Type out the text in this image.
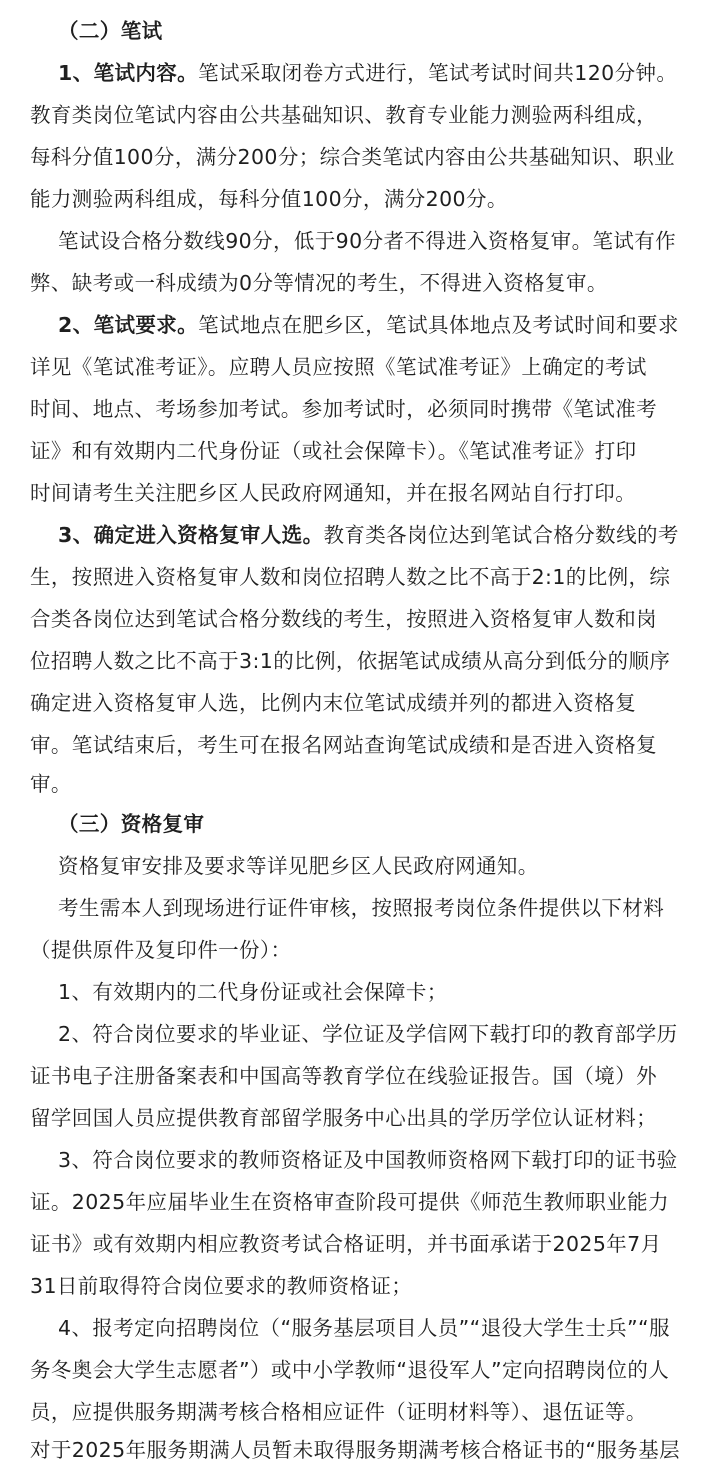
（二）笔试
1、笔试内容。笔试采取闭卷方式进行，笔试考试时间共120分钟。
教育类岗位笔试内容由公共基础知识、教育专业能力测验两科组成，
每科分值100分，满分200分；综合类笔试内容由公共基础知识、职业
能力测验两科组成，每科分值100分，满分200分。
笔试设合格分数线90分，低于90分者不得进入资格复审。笔试有作
弊、缺考或一科成绩为0分等情况的考生，不得进入资格复审。
2、笔试要求。笔试地点在肥乡区，笔试具体地点及考试时间和要求
详见《笔试准考证》。应聘人员应按照《笔试准考证》上确定的考试
时间、地点、考场参加考试。参加考试时，必须同时携带《笔试准考
证》和有效期内二代身份证（或社会保障卡）。《笔试准考证》打印
时间请考生关注肥乡区人民政府网通知，并在报名网站自行打印。
3、确定进入资格复审人选。教育类各岗位达到笔试合格分数线的考
生，按照进入资格复审人数和岗位招聘人数之比不高于2:1的比例，综
合类各岗位达到笔试合格分数线的考生，按照进入资格复审人数和岗
位招聘人数之比不高于3:1的比例，依据笔试成绩从高分到低分的顺序
确定进入资格复审人选，比例内末位笔试成绩并列的都进入资格复
审。笔试结束后，考生可在报名网站查询笔试成绩和是否进入资格复
审。
（三）资格复审
资格复审安排及要求等详见肥乡区人民政府网通知。
考生需本人到现场进行证件审核，按照报考岗位条件提供以下材料
（提供原件及复印件一份）：
1、有效期内的二代身份证或社会保障卡；
2、符合岗位要求的毕业证、学位证及学信网下载打印的教育部学历
证书电子注册备案表和中国高等教育学位在线验证报告。国（境）外
留学回国人员应提供教育部留学服务中心出具的学历学位认证材料；
3、符合岗位要求的教师资格证及中国教师资格网下载打印的证书验
证。2025年应届毕业生在资格审查阶段可提供《师范生教师职业能力
证书》或有效期内相应教资考试合格证明，并书面承诺于2025年7月
31日前取得符合岗位要求的教师资格证；
4、报考定向招聘岗位（“服务基层项目人员”“退役大学生士兵”“服
务冬奥会大学生志愿者”）或中小学教师“退役军人”定向招聘岗位的人
员，应提供服务期满考核合格相应证件（证明材料等）、退伍证等。
对于2025年服务期满人员暂未取得服务期满考核合格证书的“服务基层
